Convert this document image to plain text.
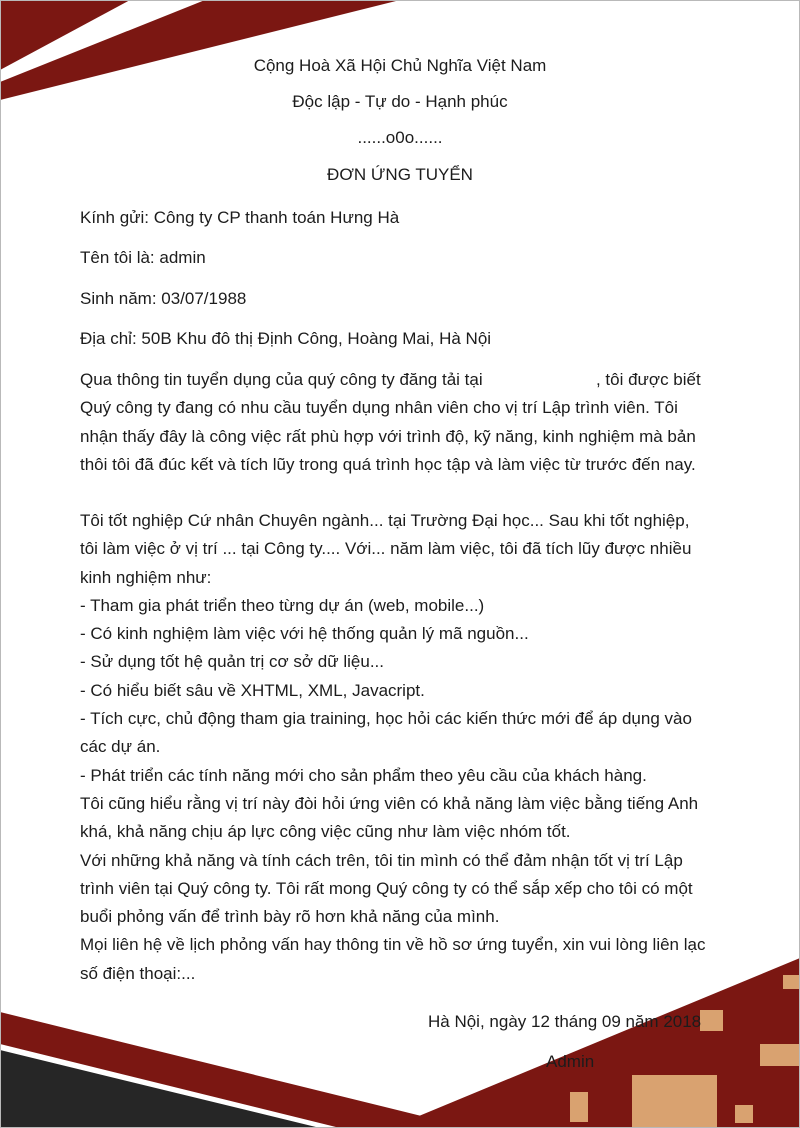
Cộng Hoà Xã Hội Chủ Nghĩa Việt Nam
Độc lập - Tự do - Hạnh phúc
......o0o......
ĐƠN ỨNG TUYỂN
Kính gửi: Công ty CP thanh toán Hưng Hà
Tên tôi là: admin
Sinh năm: 03/07/1988
Địa chỉ: 50B Khu đô thị Định Công, Hoàng Mai, Hà Nội

Qua thông tin tuyển dụng của quý công ty đăng tải tại                        , tôi được biết

Quý công ty đang có nhu cầu tuyển dụng nhân viên cho vị trí Lập trình viên. Tôi

nhận thấy đây là công việc rất phù hợp với trình độ, kỹ năng, kinh nghiệm mà bản

thôi tôi đã đúc kết và tích lũy trong quá trình học tập và làm việc từ trước đến nay.

Tôi tốt nghiệp Cứ nhân Chuyên ngành... tại Trường Đại học... Sau khi tốt nghiệp,

tôi làm việc ở vị trí ... tại Công ty.... Với... năm làm việc, tôi đã tích lũy được nhiều

kinh nghiệm như:

- Tham gia phát triển theo từng dự án (web, mobile...)

- Có kinh nghiệm làm việc với hệ thống quản lý mã nguồn...

- Sử dụng tốt hệ quản trị cơ sở dữ liệu...

- Có hiểu biết sâu về XHTML, XML, Javacript.

- Tích cực, chủ động tham gia training, học hỏi các kiến thức mới để áp dụng vào

các dự án.

- Phát triển các tính năng mới cho sản phẩm theo yêu cầu của khách hàng.

Tôi cũng hiểu rằng vị trí này đòi hỏi ứng viên có khả năng làm việc bằng tiếng Anh

khá, khả năng chịu áp lực công việc cũng như làm việc nhóm tốt.

Với những khả năng và tính cách trên, tôi tin mình có thể đảm nhận tốt vị trí Lập

trình viên tại Quý công ty. Tôi rất mong Quý công ty có thể sắp xếp cho tôi có một

buổi phỏng vấn để trình bày rõ hơn khả năng của mình.

Mọi liên hệ về lịch phỏng vấn hay thông tin về hồ sơ ứng tuyển, xin vui lòng liên lạc

số điện thoại:...

Hà Nội, ngày 12 tháng 09 năm 2018
Admin
